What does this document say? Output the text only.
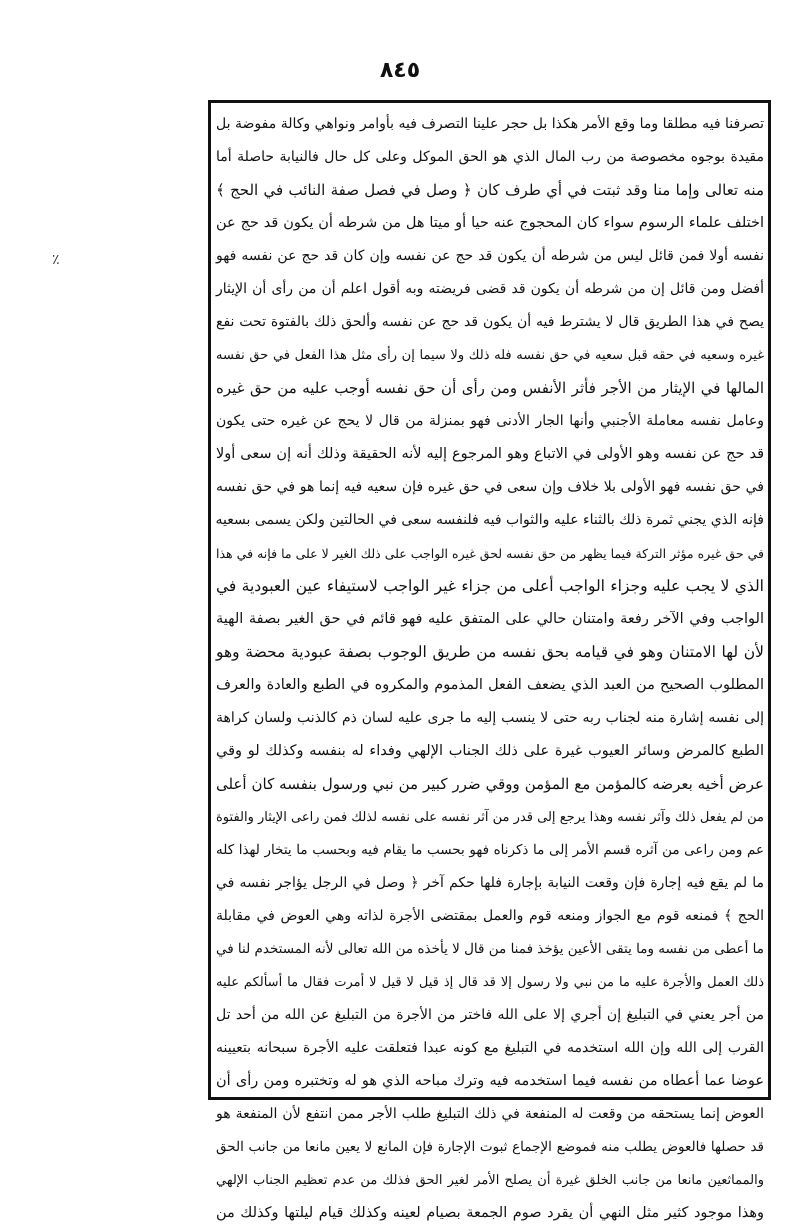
٨٤٥
٪
تصرفنا فيه مطلقا وما وقع الأمر هكذا بل حجر علينا التصرف فيه بأوامر ونواهي وكالة مفوضة بل
مقيدة بوجوه مخصوصة من رب المال الذي هو الحق الموكل وعلى كل حال فالنيابة حاصلة أما
منه تعالى وإما منا وقد ثبتت في أي طرف كان ﴿ وصل في فصل صفة النائب في الحج ﴾
اختلف علماء الرسوم سواء كان المحجوج عنه حيا أو ميتا هل من شرطه أن يكون قد حج عن
نفسه أولا فمن قائل ليس من شرطه أن يكون قد حج عن نفسه وإن كان قد حج عن نفسه فهو
أفضل ومن قائل إن من شرطه أن يكون قد قضى فريضته وبه أقول اعلم أن من رأى أن الإيثار
يصح في هذا الطريق قال لا يشترط فيه أن يكون قد حج عن نفسه وألحق ذلك بالفتوة تحت نفع
غيره وسعيه في حقه قبل سعيه في حق نفسه فله ذلك ولا سيما إن رأى مثل هذا الفعل في حق نفسه
المالها في الإيثار من الأجر فأثر الأنفس ومن رأى أن حق نفسه أوجب عليه من حق غيره
وعامل نفسه معاملة الأجنبي وأنها الجار الأدنى فهو بمنزلة من قال لا يحج عن غيره حتى يكون
قد حج عن نفسه وهو الأولى في الاتباع وهو المرجوع إليه لأنه الحقيقة وذلك أنه إن سعى أولا
في حق نفسه فهو الأولى بلا خلاف وإن سعى في حق غيره فإن سعيه فيه إنما هو في حق نفسه
فإنه الذي يجني ثمرة ذلك بالثناء عليه والثواب فيه فلنفسه سعى في الحالتين ولكن يسمى بسعيه
في حق غيره مؤثر التركة فيما يظهر من حق نفسه لحق غيره الواجب على ذلك الغير لا على ما فإنه في هذا
الذي لا يجب عليه وجزاء الواجب أعلى من جزاء غير الواجب لاستيفاء عين العبودية في
الواجب وفي الآخر رفعة وامتنان حالي على المتفق عليه فهو قائم في حق الغير بصفة الهية
لأن لها الامتنان وهو في قيامه بحق نفسه من طريق الوجوب بصفة عبودية محضة وهو
المطلوب الصحيح من العبد الذي يضعف الفعل المذموم والمكروه في الطبع والعادة والعرف
إلى نفسه إشارة منه لجناب ربه حتى لا ينسب إليه ما جرى عليه لسان ذم كالذنب ولسان كراهة
الطبع كالمرض وسائر العيوب غيرة على ذلك الجناب الإلهي وفداء له بنفسه وكذلك لو وقي
عرض أخيه بعرضه كالمؤمن مع المؤمن ووقي ضرر كبير من نبي ورسول بنفسه كان أعلى
من لم يفعل ذلك وآثر نفسه وهذا يرجع إلى قدر من آثر نفسه على نفسه لذلك فمن راعى الإيثار والفتوة
عم ومن راعى من آثره قسم الأمر إلى ما ذكرناه فهو بحسب ما يقام فيه وبحسب ما يتخار لهذا كله
ما لم يقع فيه إجارة فإن وقعت النيابة بإجارة فلها حكم آخر ﴿ وصل في الرجل يؤاجر نفسه في
الحج ﴾ فمنعه قوم مع الجواز ومنعه قوم والعمل بمقتضى الأجرة لذاته وهي العوض في مقابلة
ما أعطى من نفسه وما يتقى الأعين يؤخذ فمنا من قال لا يأخذه من الله تعالى لأنه المستخدم لنا في
ذلك العمل والأجرة عليه ما من نبي ولا رسول إلا قد قال إذ قيل لا قيل لا أمرت فقال ما أسألكم عليه
من أجر يعني في التبليغ إن أجري إلا على الله فاختر من الأجرة من التبليغ عن الله من أحد تل
القرب إلى الله وإن الله استخدمه في التبليغ مع كونه عبدا فتعلقت عليه الأجرة سبحانه بتعيينه
عوضا عما أعطاه من نفسه فيما استخدمه فيه وترك مباحه الذي هو له وتختبره ومن رأى أن
العوض إنما يستحقه من وقعت له المنفعة في ذلك التبليغ طلب الأجر ممن انتفع لأن المنفعة هو
قد حصلها فالعوض يطلب منه فموضع الإجماع ثبوت الإجارة فإن المانع لا يعين مانعا من جانب الحق
والمماثعين مانعا من جانب الخلق غيرة أن يصلح الأمر لغير الحق فذلك من عدم تعظيم الجناب الإلهي
وهذا موجود كثير مثل النهي أن يقرد صوم الجمعة بصيام لعينه وكذلك قيام ليلتها وكذلك من
